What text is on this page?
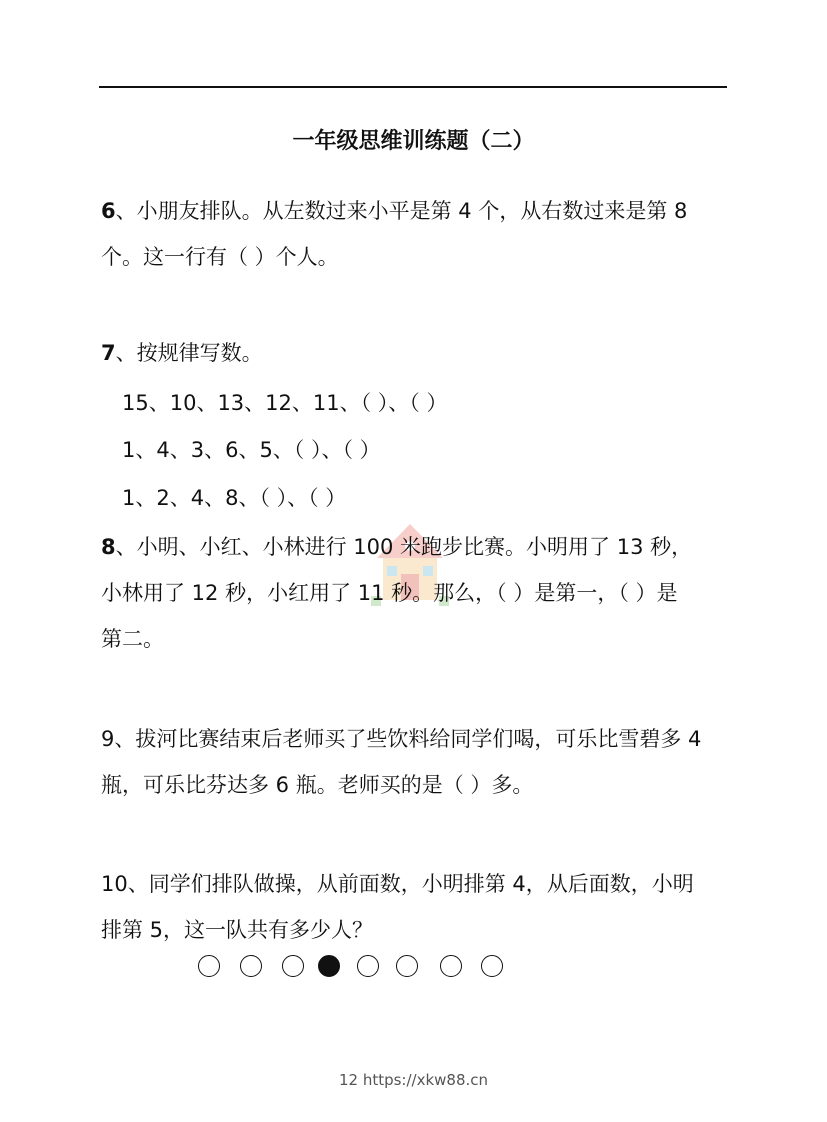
一年级思维训练题（二）
6、小朋友排队。从左数过来小平是第 4 个，从右数过来是第 8
个。这一行有（ ）个人。
7、按规律写数。
15、10、13、12、11、（ ）、（ ）
1、4、3、6、5、（ ）、（ ）
1、2、4、8、（ ）、（ ）
8、小明、小红、小林进行 100 米跑步比赛。小明用了 13 秒，
小林用了 12 秒，小红用了 11 秒。那么，（ ）是第一，（ ）是
第二。
9、拔河比赛结束后老师买了些饮料给同学们喝，可乐比雪碧多 4
瓶，可乐比芬达多 6 瓶。老师买的是（ ）多。
10、同学们排队做操，从前面数，小明排第 4，从后面数，小明
排第 5，这一队共有多少人？
12 https://xkw88.cn
